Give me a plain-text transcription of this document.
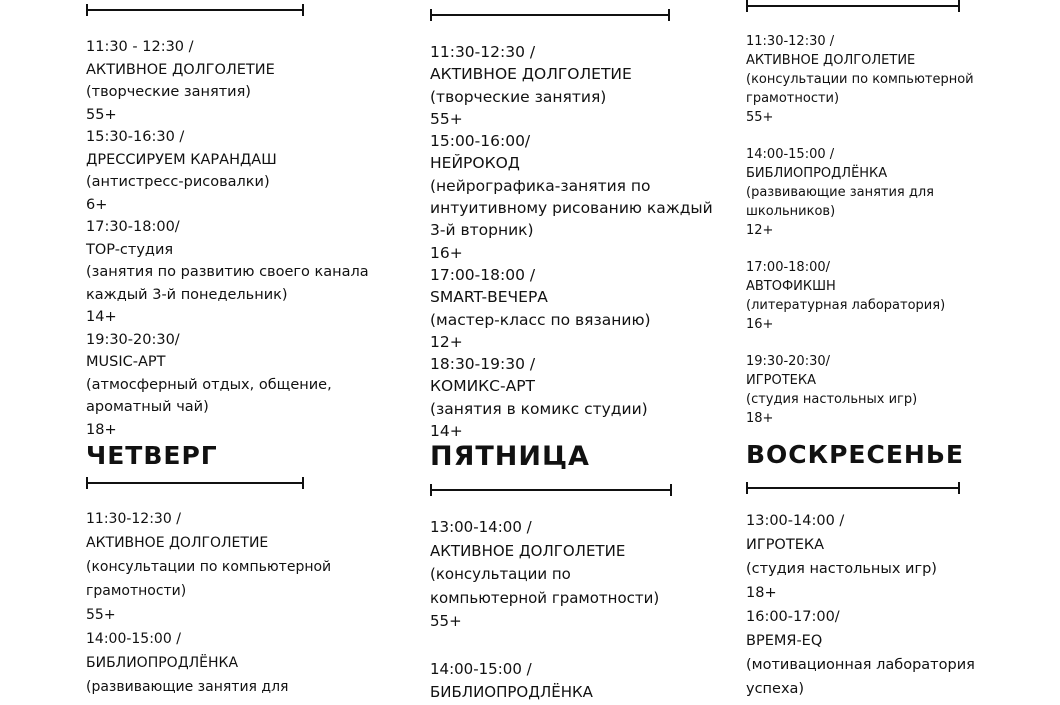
11:30 - 12:30 /
АКТИВНОЕ ДОЛГОЛЕТИЕ
(творческие занятия)
55+
15:30-16:30 /
ДРЕССИРУЕМ КАРАНДАШ
(антистресс-рисовалки)
6+
17:30-18:00/
TOP-студия
(занятия по развитию своего канала
каждый 3-й понедельник)
14+
19:30-20:30/
MUSIC-АРТ
(атмосферный отдых, общение,
ароматный чай)
18+
11:30-12:30 /
АКТИВНОЕ ДОЛГОЛЕТИЕ
(творческие занятия)
55+
15:00-16:00/
НЕЙРОКОД
(нейрографика-занятия по
интуитивному рисованию каждый
3-й вторник)
16+
17:00-18:00 /
SMART-ВЕЧЕРА
(мастер-класс по вязанию)
12+
18:30-19:30 /
КОМИКС-АРТ
(занятия в комикс студии)
14+
11:30-12:30 /
АКТИВНОЕ ДОЛГОЛЕТИЕ
(консультации по компьютерной
грамотности)
55+
14:00-15:00 /
БИБЛИОПРОДЛЁНКА
(развивающие занятия для
школьников)
12+
17:00-18:00/
АВТОФИКШН
(литературная лаборатория)
16+
19:30-20:30/
ИГРОТЕКА
(студия настольных игр)
18+
ЧЕТВЕРГ	ПЯТНИЦА	ВОСКРЕСЕНЬЕ
11:30-12:30 /
АКТИВНОЕ ДОЛГОЛЕТИЕ
(консультации по компьютерной
грамотности)
55+
14:00-15:00 /
БИБЛИОПРОДЛЁНКА
(развивающие занятия для
13:00-14:00 /
АКТИВНОЕ ДОЛГОЛЕТИЕ
(консультации по
компьютерной грамотности)
55+
14:00-15:00 /
БИБЛИОПРОДЛЁНКА
13:00-14:00 /
ИГРОТЕКА
(студия настольных игр)
18+
16:00-17:00/
ВРЕМЯ-EQ
(мотивационная лаборатория
успеха)
